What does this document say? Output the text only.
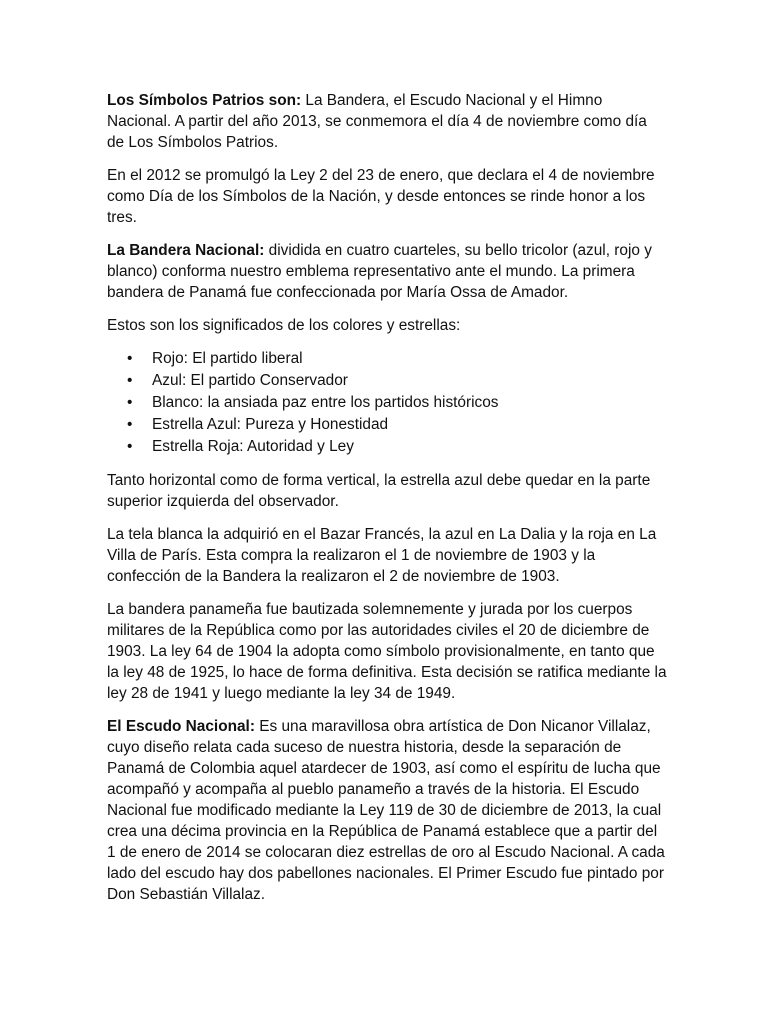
Los Símbolos Patrios son: La Bandera, el Escudo Nacional y el Himno Nacional. A partir del año 2013, se conmemora el día 4 de noviembre como día de Los Símbolos Patrios.

En el 2012 se promulgó la Ley 2 del 23 de enero, que declara el 4 de noviembre como Día de los Símbolos de la Nación, y desde entonces se rinde honor a los tres.

La Bandera Nacional: dividida en cuatro cuarteles, su bello tricolor (azul, rojo y blanco) conforma nuestro emblema representativo ante el mundo. La primera bandera de Panamá fue confeccionada por María Ossa de Amador.

Estos son los significados de los colores y estrellas:

• Rojo: El partido liberal
• Azul: El partido Conservador
• Blanco: la ansiada paz entre los partidos históricos
• Estrella Azul: Pureza y Honestidad
• Estrella Roja: Autoridad y Ley

Tanto horizontal como de forma vertical, la estrella azul debe quedar en la parte superior izquierda del observador.

La tela blanca la adquirió en el Bazar Francés, la azul en La Dalia y la roja en La Villa de París. Esta compra la realizaron el 1 de noviembre de 1903 y la confección de la Bandera la realizaron el 2 de noviembre de 1903.

La bandera panameña fue bautizada solemnemente y jurada por los cuerpos militares de la República como por las autoridades civiles el 20 de diciembre de 1903. La ley 64 de 1904 la adopta como símbolo provisionalmente, en tanto que la ley 48 de 1925, lo hace de forma definitiva. Esta decisión se ratifica mediante la ley 28 de 1941 y luego mediante la ley 34 de 1949.

El Escudo Nacional: Es una maravillosa obra artística de Don Nicanor Villalaz, cuyo diseño relata cada suceso de nuestra historia, desde la separación de Panamá de Colombia aquel atardecer de 1903, así como el espíritu de lucha que acompañó y acompaña al pueblo panameño a través de la historia. El Escudo Nacional fue modificado mediante la Ley 119 de 30 de diciembre de 2013, la cual crea una décima provincia en la República de Panamá establece que a partir del 1 de enero de 2014 se colocaran diez estrellas de oro al Escudo Nacional. A cada lado del escudo hay dos pabellones nacionales. El Primer Escudo fue pintado por Don Sebastián Villalaz.
